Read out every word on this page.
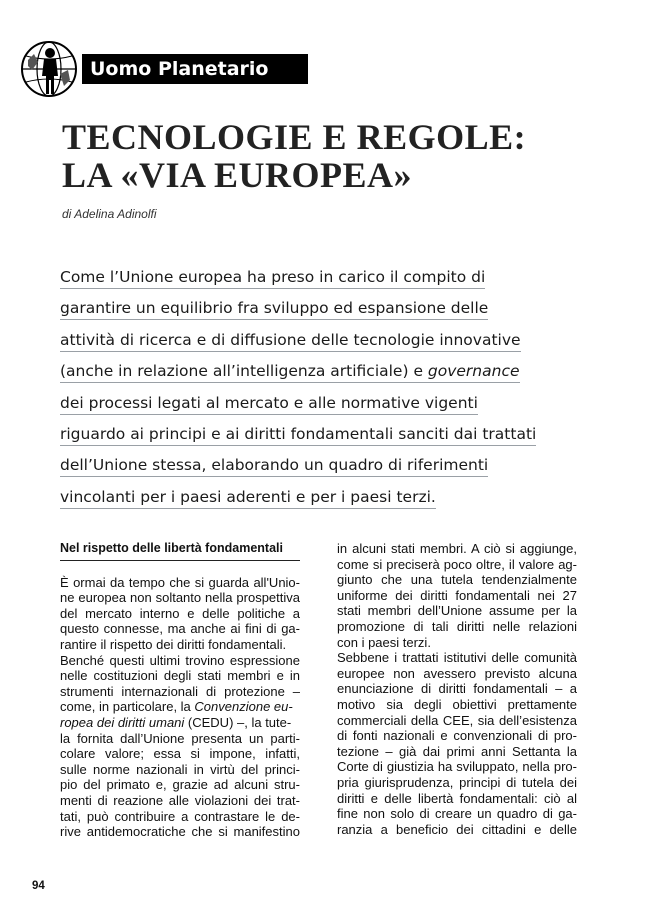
Uomo Planetario
TECNOLOGIE E REGOLE:
LA «VIA EUROPEA»
di Adelina Adinolfi
Come l’Unione europea ha preso in carico il compito di
garantire un equilibrio fra sviluppo ed espansione delle
attività di ricerca e di diffusione delle tecnologie innovative
(anche in relazione all’intelligenza artificiale) e governance
dei processi legati al mercato e alle normative vigenti
riguardo ai principi e ai diritti fondamentali sanciti dai trattati
dell’Unione stessa, elaborando un quadro di riferimenti
vincolanti per i paesi aderenti e per i paesi terzi.
Nel rispetto delle libertà fondamentali
È ormai da tempo che si guarda all'Unio-
ne europea non soltanto nella prospettiva
del mercato interno e delle politiche a
questo connesse, ma anche ai fini di ga-
rantire il rispetto dei diritti fondamentali.
Benché questi ultimi trovino espressione
nelle costituzioni degli stati membri e in
strumenti internazionali di protezione –
come, in particolare, la Convenzione eu-
ropea dei diritti umani (CEDU) –, la tute-
la fornita dall’Unione presenta un parti-
colare valore; essa si impone, infatti,
sulle norme nazionali in virtù del princi-
pio del primato e, grazie ad alcuni stru-
menti di reazione alle violazioni dei trat-
tati, può contribuire a contrastare le de-
rive antidemocratiche che si manifestino
in alcuni stati membri. A ciò si aggiunge,
come si preciserà poco oltre, il valore ag-
giunto che una tutela tendenzialmente
uniforme dei diritti fondamentali nei 27
stati membri dell’Unione assume per la
promozione di tali diritti nelle relazioni
con i paesi terzi.
Sebbene i trattati istitutivi delle comunità
europee non avessero previsto alcuna
enunciazione di diritti fondamentali – a
motivo sia degli obiettivi prettamente
commerciali della CEE, sia dell’esistenza
di fonti nazionali e convenzionali di pro-
tezione – già dai primi anni Settanta la
Corte di giustizia ha sviluppato, nella pro-
pria giurisprudenza, principi di tutela dei
diritti e delle libertà fondamentali: ciò al
fine non solo di creare un quadro di ga-
ranzia a beneficio dei cittadini e delle
94
